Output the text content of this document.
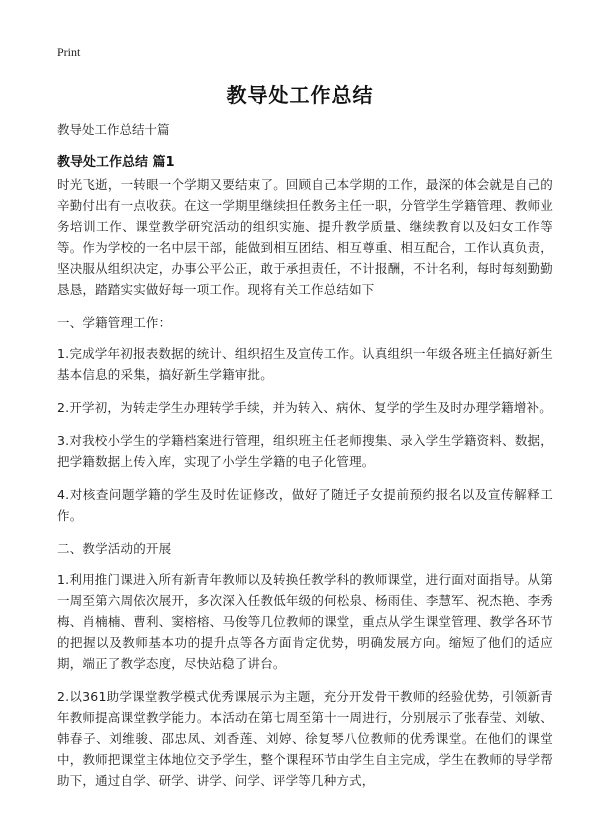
Print
教导处工作总结
教导处工作总结十篇
教导处工作总结 篇1

时光飞逝，一转眼一个学期又要结束了。回顾自己本学期的工作，最深的体会就是自己的辛勤付出有一点收获。在这一学期里继续担任教务主任一职，分管学生学籍管理、教师业务培训工作、课堂教学研究活动的组织实施、提升教学质量、继续教育以及妇女工作等等。作为学校的一名中层干部，能做到相互团结、相互尊重、相互配合，工作认真负责，坚决服从组织决定，办事公平公正，敢于承担责任，不计报酬，不计名利，每时每刻勤勤恳恳，踏踏实实做好每一项工作。现将有关工作总结如下

一、学籍管理工作：

1.完成学年初报表数据的统计、组织招生及宣传工作。认真组织一年级各班主任搞好新生基本信息的采集，搞好新生学籍审批。

2.开学初，为转走学生办理转学手续，并为转入、病休、复学的学生及时办理学籍增补。

3.对我校小学生的学籍档案进行管理，组织班主任老师搜集、录入学生学籍资料、数据，把学籍数据上传入库，实现了小学生学籍的电子化管理。

4.对核查问题学籍的学生及时佐证修改，做好了随迁子女提前预约报名以及宣传解释工作。

二、教学活动的开展

1.利用推门课进入所有新青年教师以及转换任教学科的教师课堂，进行面对面指导。从第一周至第六周依次展开，多次深入任教低年级的何松泉、杨雨佳、李慧军、祝杰艳、李秀梅、肖楠楠、曹利、窦榕榕、马俊等几位教师的课堂，重点从学生课堂管理、教学各环节的把握以及教师基本功的提升点等各方面肯定优势，明确发展方向。缩短了他们的适应期，端正了教学态度，尽快站稳了讲台。

2.以361助学课堂教学模式优秀课展示为主题，充分开发骨干教师的经验优势，引领新青年教师提高课堂教学能力。本活动在第七周至第十一周进行，分别展示了张春莹、刘敏、韩春子、刘维骏、邵忠凤、刘香莲、刘婷、徐复琴八位教师的优秀课堂。在他们的课堂中，教师把课堂主体地位交予学生，整个课程环节由学生自主完成，学生在教师的导学帮助下，通过自学、研学、讲学、问学、评学等几种方式，
